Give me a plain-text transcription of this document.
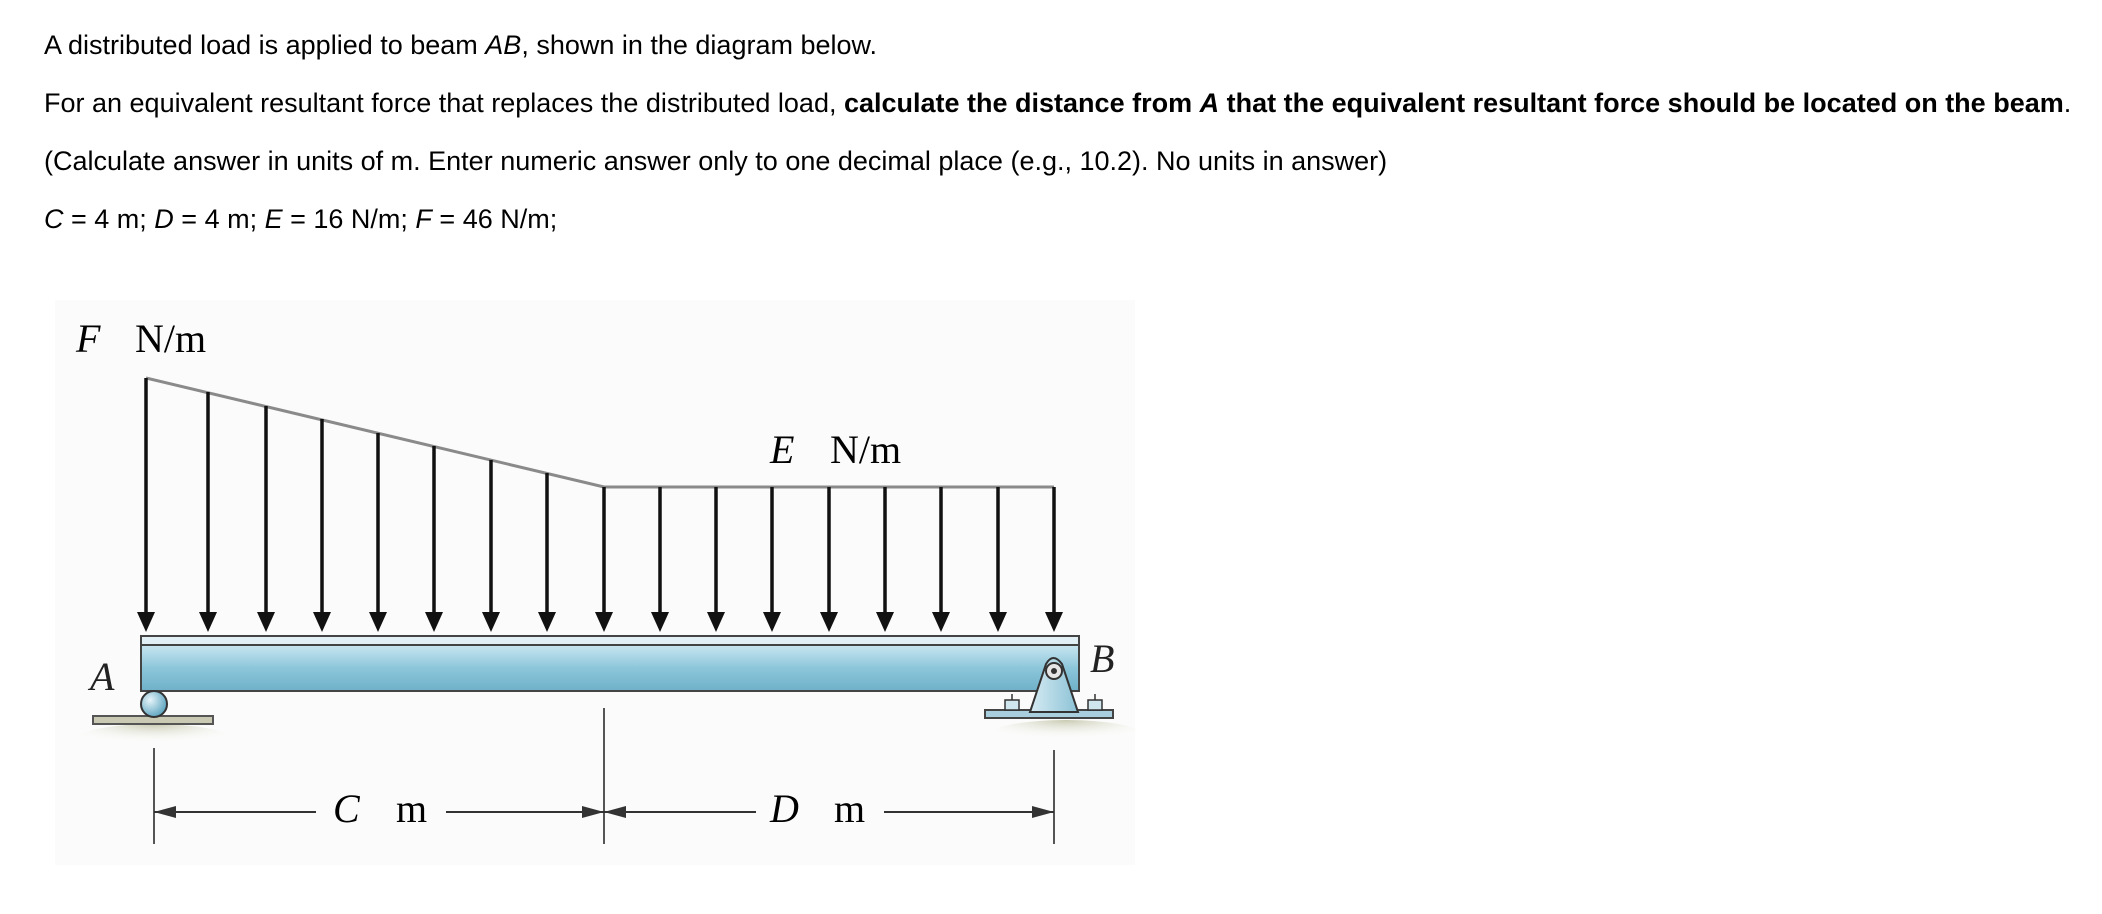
A distributed load is applied to beam AB, shown in the diagram below.
For an equivalent resultant force that replaces the distributed load, calculate the distance from A that the equivalent resultant force should be located on the beam.
(Calculate answer in units of m. Enter numeric answer only to one decimal place (e.g., 10.2). No units in answer)
C = 4 m; D = 4 m; E = 16 N/m; F = 46 N/m;
F N/m
E N/m
A	B
C m	D m
